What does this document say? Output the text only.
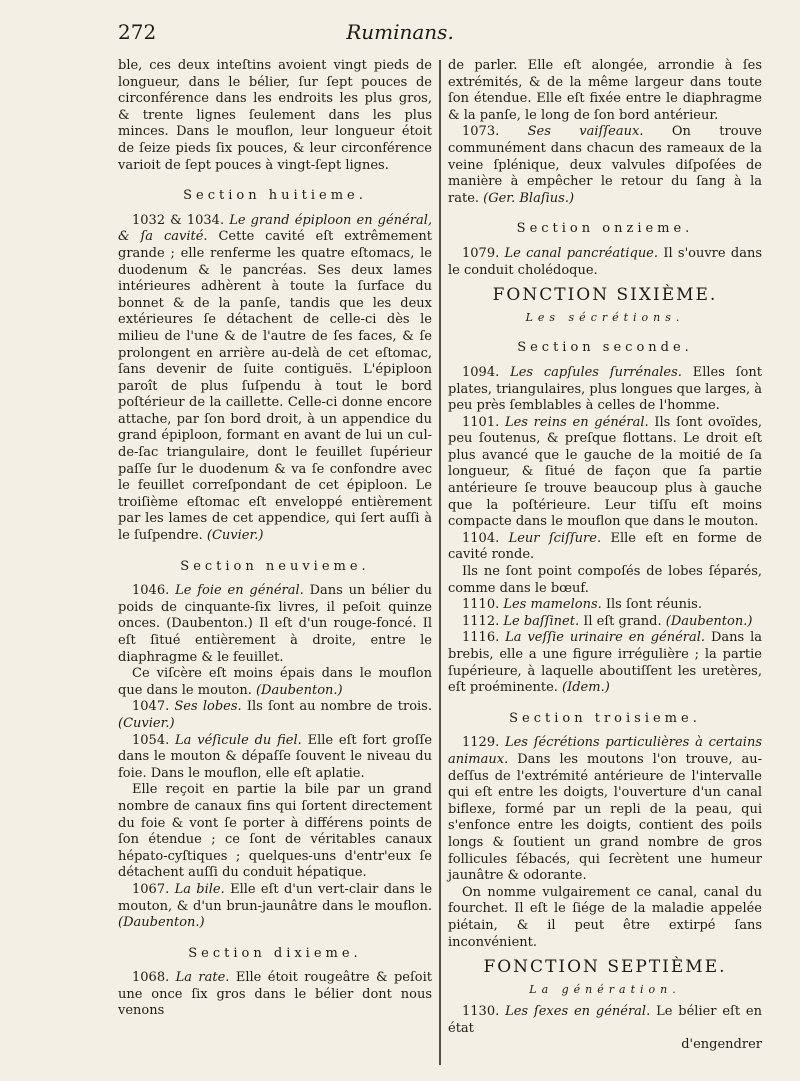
272	Ruminans.

ble, ces deux inteſtins avoient vingt pieds de longueur, dans le bélier, ſur ſept pouces de circonférence dans les endroits les plus gros, & trente lignes ſeulement dans les plus minces. Dans le mouflon, leur longueur étoit de ſeize pieds ſix pouces, & leur circonférence varioit de ſept pouces à vingt-ſept lignes.

Section huitieme.

1032 & 1034. Le grand épiploon en général, & ſa cavité. Cette cavité eſt extrêmement grande ; elle renferme les quatre eſtomacs, le duodenum & le pancréas. Ses deux lames intérieures adhèrent à toute la ſurface du bonnet & de la panſe, tandis que les deux extérieures ſe détachent de celle-ci dès le milieu de l'une & de l'autre de ſes faces, & ſe prolongent en arrière au-delà de cet eſtomac, ſans devenir de ſuite contiguës. L'épiploon paroît de plus ſuſpendu à tout le bord poſtérieur de la caillette. Celle-ci donne encore attache, par ſon bord droit, à un appendice du grand épiploon, formant en avant de lui un cul-de-ſac triangulaire, dont le feuillet ſupérieur paſſe ſur le duodenum & va ſe confondre avec le feuillet correſpondant de cet épiploon. Le troiſième eſtomac eſt enveloppé entièrement par les lames de cet appendice, qui ſert auſſi à le ſuſpendre. (Cuvier.)

Section neuvieme.

1046. Le foie en général. Dans un bélier du poids de cinquante-ſix livres, il peſoit quinze onces. (Daubenton.) Il eſt d'un rouge-foncé. Il eſt ſitué entièrement à droite, entre le diaphragme & le feuillet.

Ce viſcère eſt moins épais dans le mouflon que dans le mouton. (Daubenton.)

1047. Ses lobes. Ils ſont au nombre de trois. (Cuvier.)

1054. La véſicule du fiel. Elle eſt fort groſſe dans le mouton & dépaſſe ſouvent le niveau du foie. Dans le mouflon, elle eſt aplatie.

Elle reçoit en partie la bile par un grand nombre de canaux fins qui ſortent directement du foie & vont ſe porter à différens points de ſon étendue ; ce ſont de véritables canaux hépato-cyſtiques ; quelques-uns d'entr'eux ſe détachent auſſi du conduit hépatique.

1067. La bile. Elle eſt d'un vert-clair dans le mouton, & d'un brun-jaunâtre dans le mouflon. (Daubenton.)

Section dixieme.

1068. La rate. Elle étoit rougeâtre & peſoit une once ſix gros dans le bélier dont nous venons

de parler. Elle eſt alongée, arrondie à ſes extrémités, & de la même largeur dans toute ſon étendue. Elle eſt fixée entre le diaphragme & la panſe, le long de ſon bord antérieur.

1073. Ses vaiſſeaux. On trouve communément dans chacun des rameaux de la veine ſplénique, deux valvules diſpoſées de manière à empêcher le retour du ſang à la rate. (Ger. Blaſius.)

Section onzieme.

1079. Le canal pancréatique. Il s'ouvre dans le conduit cholédoque.

FONCTION SIXIÈME.
Les sécrétions.
Section seconde.

1094. Les capſules ſurrénales. Elles ſont plates, triangulaires, plus longues que larges, à peu près ſemblables à celles de l'homme.

1101. Les reins en général. Ils ſont ovoïdes, peu ſoutenus, & preſque flottans. Le droit eſt plus avancé que le gauche de la moitié de ſa longueur, & ſitué de façon que ſa partie antérieure ſe trouve beaucoup plus à gauche que la poſtérieure. Leur tiſſu eſt moins compacte dans le mouflon que dans le mouton.

1104. Leur ſciſſure. Elle eſt en forme de cavité ronde.

Ils ne ſont point compoſés de lobes ſéparés, comme dans le bœuf.

1110. Les mamelons. Ils ſont réunis.

1112. Le baſſinet. Il eſt grand. (Daubenton.)

1116. La veſſie urinaire en général. Dans la brebis, elle a une figure irrégulière ; la partie ſupérieure, à laquelle aboutiſſent les uretères, eſt proéminente. (Idem.)

Section troisieme.

1129. Les ſécrétions particulières à certains animaux. Dans les moutons l'on trouve, au-deſſus de l'extrémité antérieure de l'intervalle qui eſt entre les doigts, l'ouverture d'un canal biflexe, formé par un repli de la peau, qui s'enfonce entre les doigts, contient des poils longs & ſoutient un grand nombre de gros follicules ſébacés, qui ſecrètent une humeur jaunâtre & odorante.

On nomme vulgairement ce canal, canal du fourchet. Il eſt le ſiége de la maladie appelée piétain, & il peut être extirpé ſans inconvénient.

FONCTION SEPTIÈME.
La génération.

1130. Les ſexes en général. Le bélier eſt en état

d'engendrer
